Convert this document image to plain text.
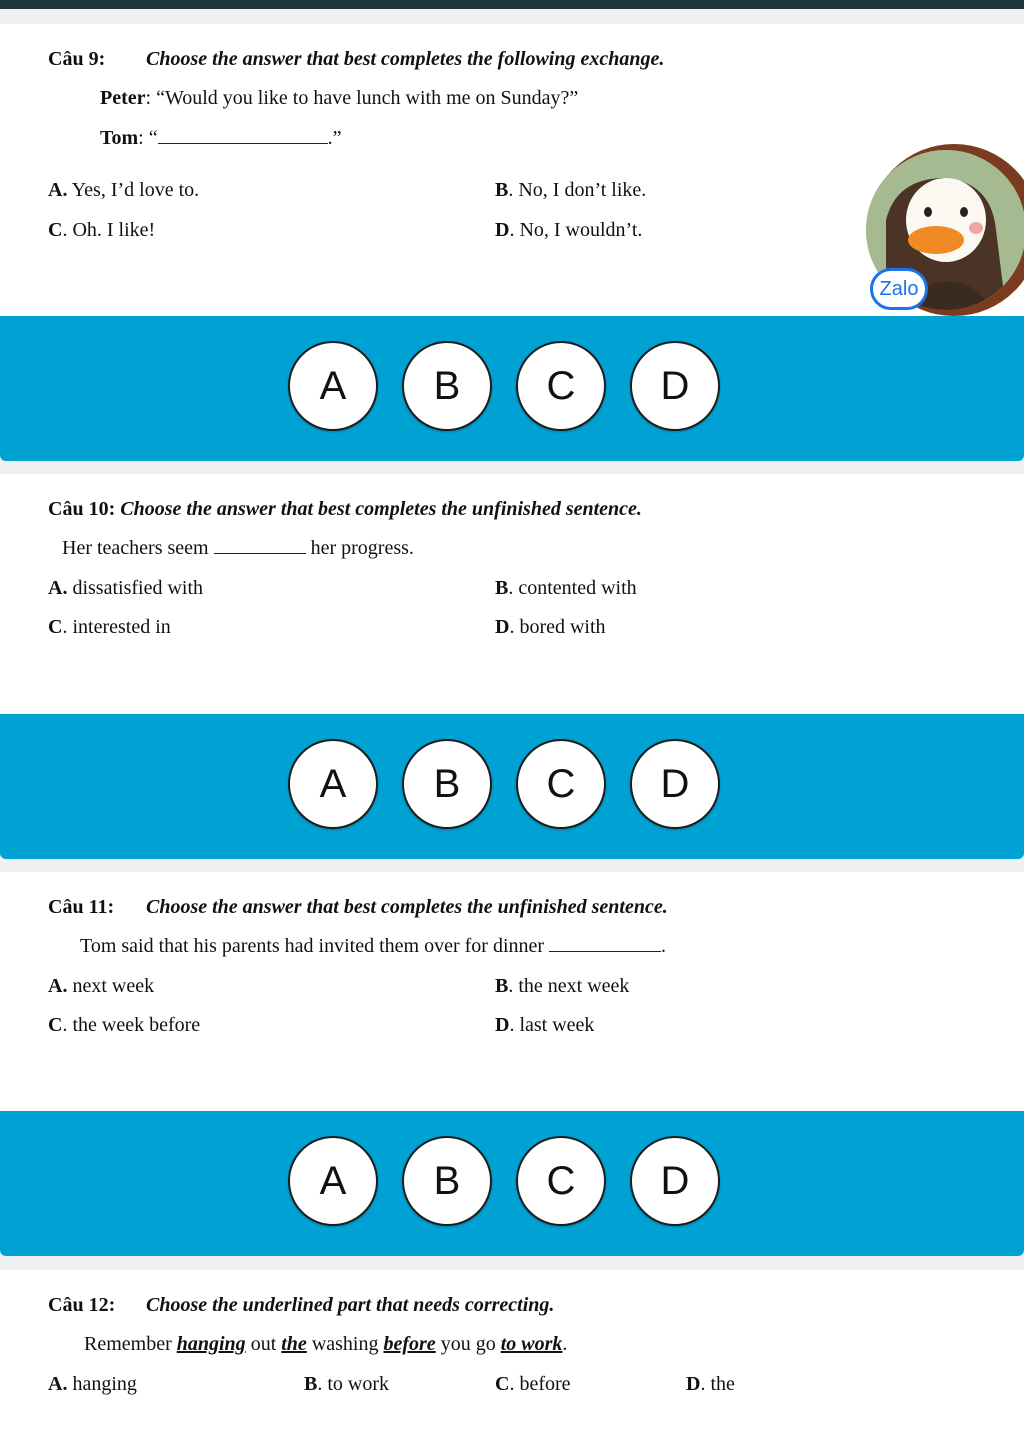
Câu 9: Choose the answer that best completes the following exchange.
Peter: “Would you like to have lunch with me on Sunday?”
Tom: “	.”
A. Yes, I’d love to.	B. No, I don’t like.
C. Oh. I like!	D. No, I wouldn’t.
A	B	C	D
Zalo
Câu 10: Choose the answer that best completes the unfinished sentence.
Her teachers seem	her progress.
A. dissatisfied with	B. contented with
C. interested in	D. bored with
A	B	C	D
Câu 11: Choose the answer that best completes the unfinished sentence.
Tom said that his parents had invited them over for dinner	.
A. next week	B. the next week
C. the week before	D. last week
A	B	C	D
Câu 12: Choose the underlined part that needs correcting.
Remember hanging out the washing before you go to work.
A. hanging	B. to work	C. before	D. the
